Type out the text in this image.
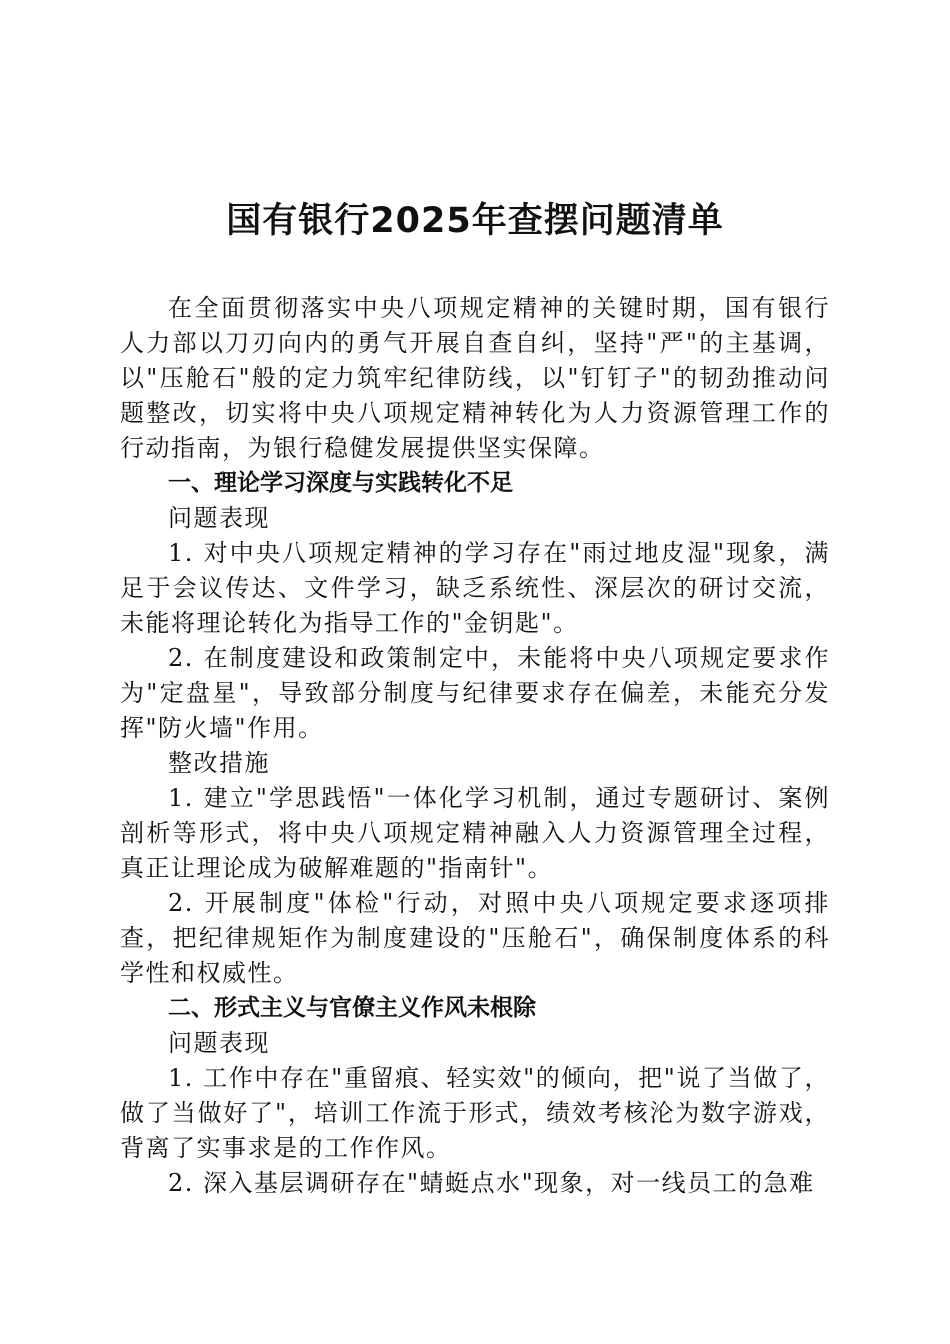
国有银行2025年查摆问题清单

在全面贯彻落实中央八项规定精神的关键时期，国有银行人力部以刀刃向内的勇气开展自查自纠，坚持"严"的主基调，以"压舱石"般的定力筑牢纪律防线，以"钉钉子"的韧劲推动问题整改，切实将中央八项规定精神转化为人力资源管理工作的行动指南，为银行稳健发展提供坚实保障。

一、理论学习深度与实践转化不足

问题表现

1. 对中央八项规定精神的学习存在"雨过地皮湿"现象，满足于会议传达、文件学习，缺乏系统性、深层次的研讨交流，未能将理论转化为指导工作的"金钥匙"。

2. 在制度建设和政策制定中，未能将中央八项规定要求作为"定盘星"，导致部分制度与纪律要求存在偏差，未能充分发挥"防火墙"作用。

整改措施

1. 建立"学思践悟"一体化学习机制，通过专题研讨、案例剖析等形式，将中央八项规定精神融入人力资源管理全过程，真正让理论成为破解难题的"指南针"。

2. 开展制度"体检"行动，对照中央八项规定要求逐项排查，把纪律规矩作为制度建设的"压舱石"，确保制度体系的科学性和权威性。

二、形式主义与官僚主义作风未根除

问题表现

1. 工作中存在"重留痕、轻实效"的倾向，把"说了当做了，做了当做好了"，培训工作流于形式，绩效考核沦为数字游戏，背离了实事求是的工作作风。

2. 深入基层调研存在"蜻蜓点水"现象，对一线员工的急难
